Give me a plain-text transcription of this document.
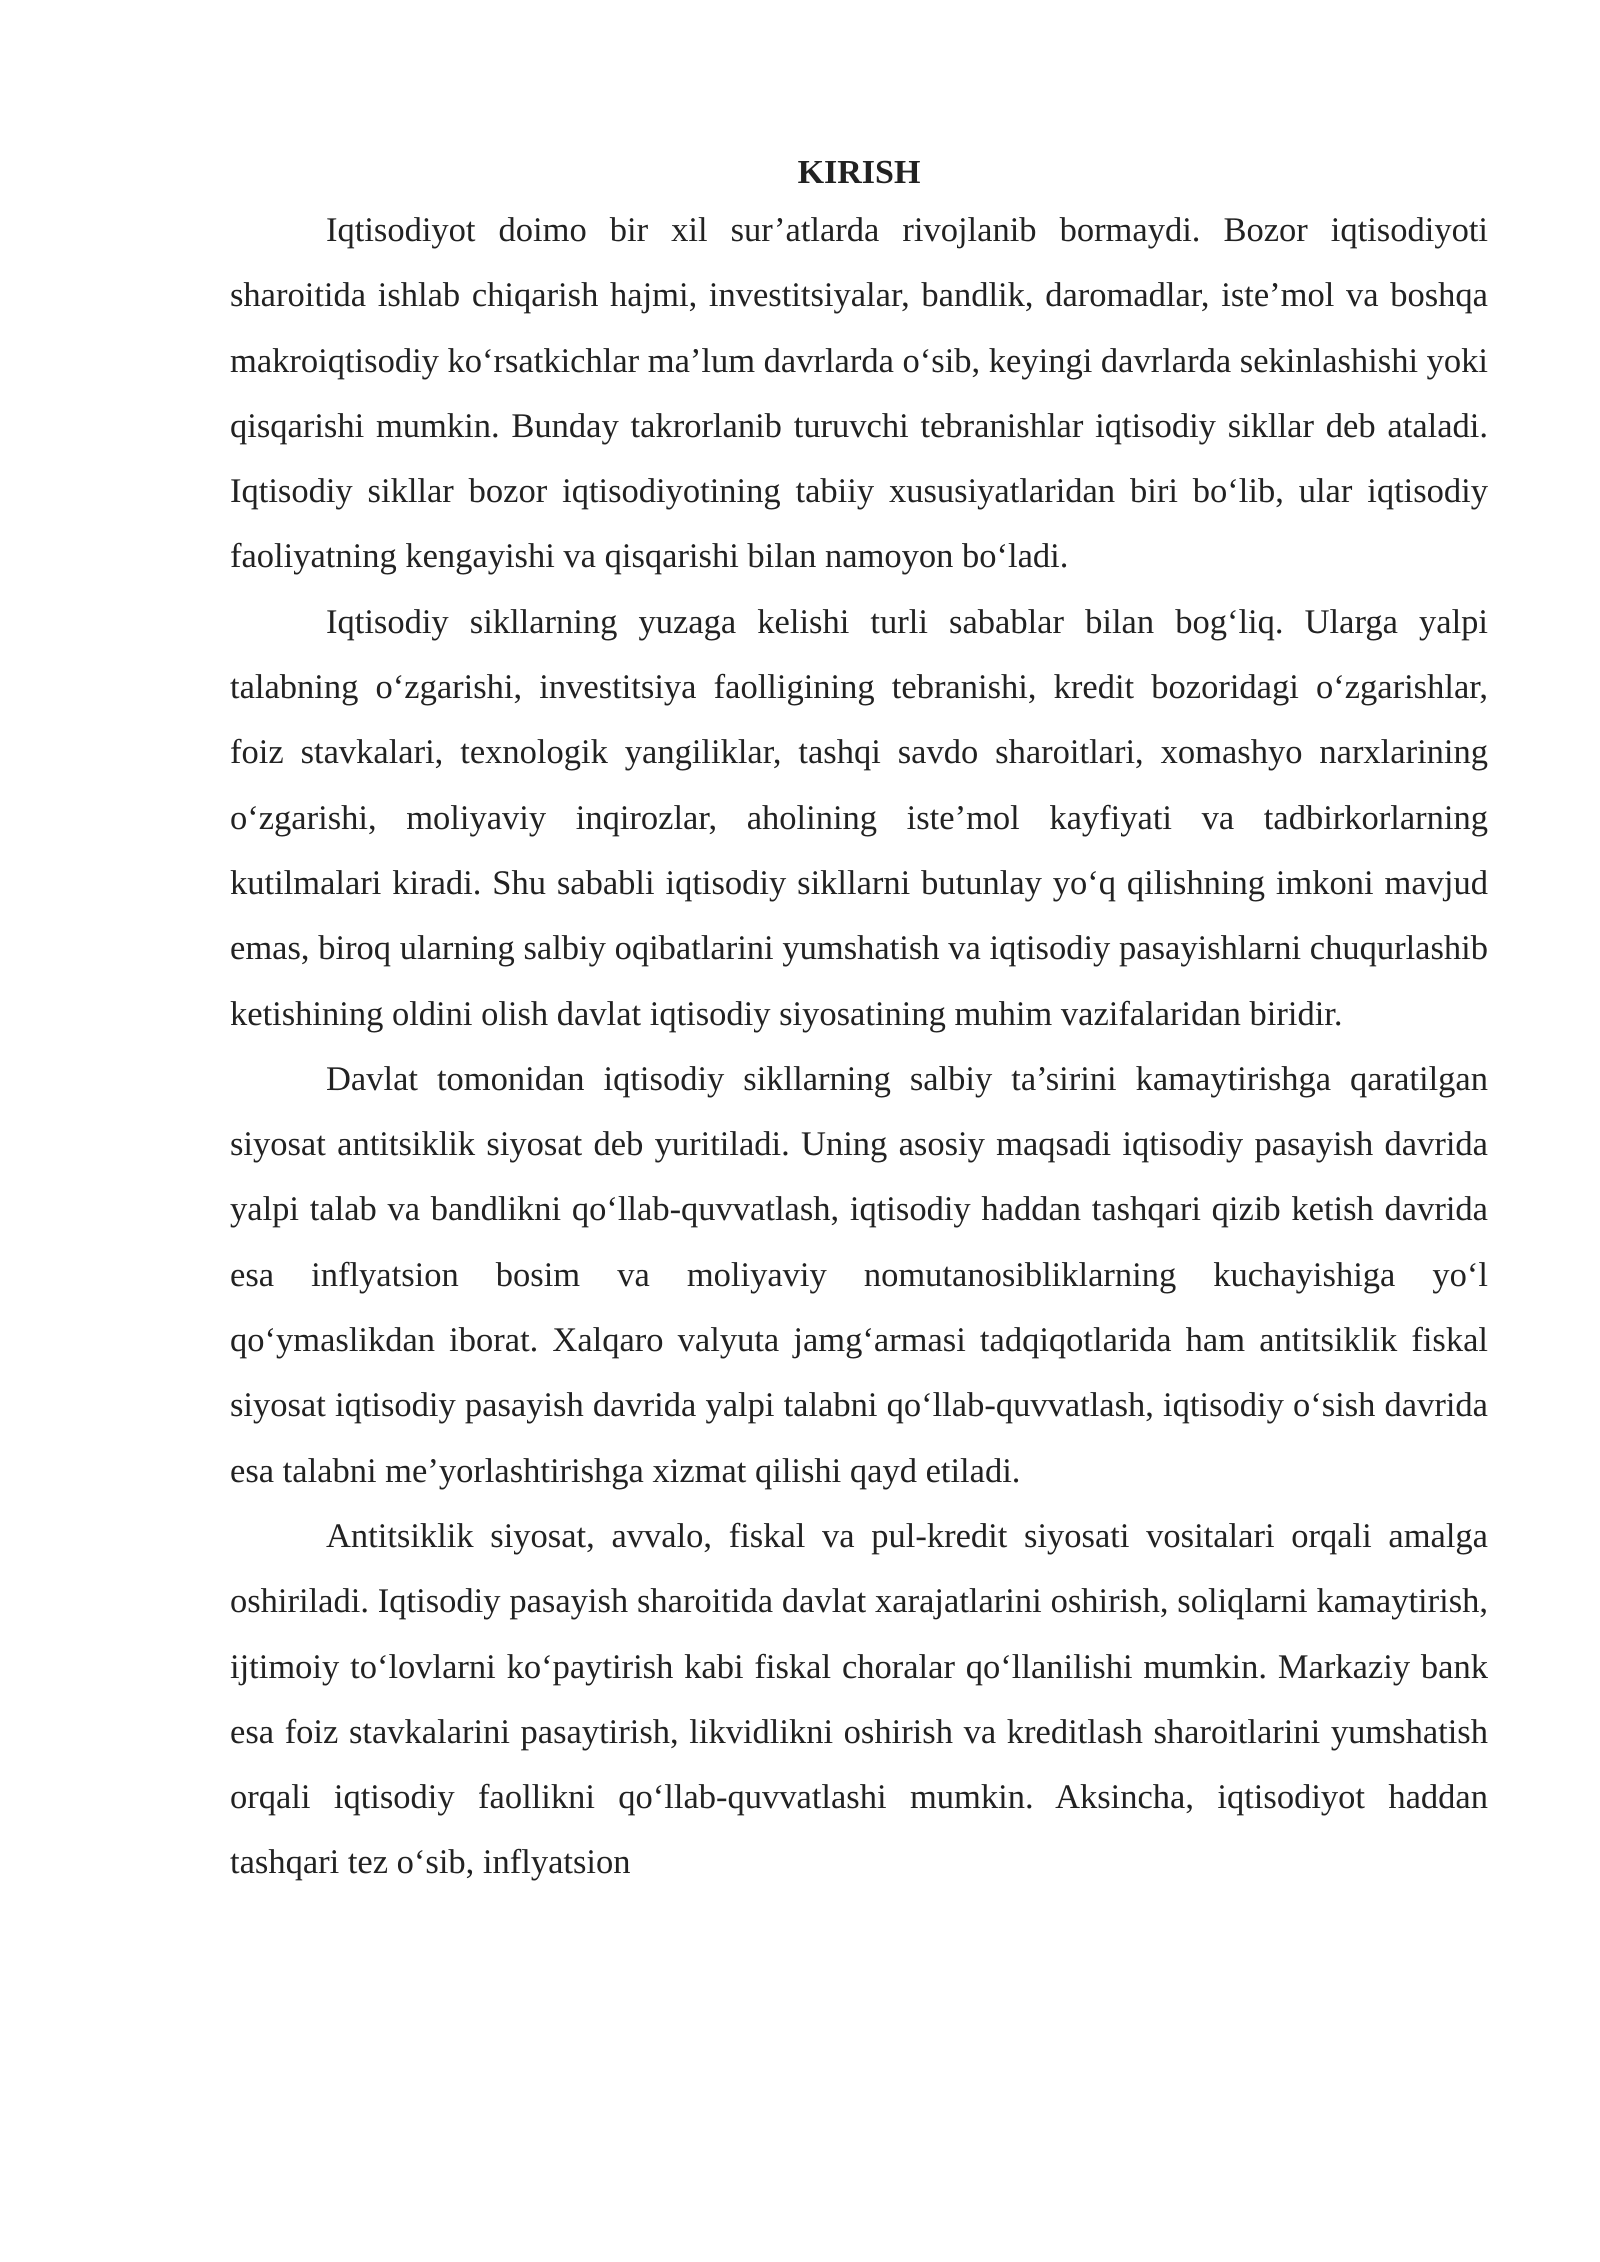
KIRISH

Iqtisodiyot doimo bir xil sur’atlarda rivojlanib bormaydi. Bozor iqtisodiyoti sharoitida ishlab chiqarish hajmi, investitsiyalar, bandlik, daromadlar, iste’mol va boshqa makroiqtisodiy ko‘rsatkichlar ma’lum davrlarda o‘sib, keyingi davrlarda sekinlashishi yoki qisqarishi mumkin. Bunday takrorlanib turuvchi tebranishlar iqtisodiy sikllar deb ataladi. Iqtisodiy sikllar bozor iqtisodiyotining tabiiy xususiyatlaridan biri bo‘lib, ular iqtisodiy faoliyatning kengayishi va qisqarishi bilan namoyon bo‘ladi.

Iqtisodiy sikllarning yuzaga kelishi turli sabablar bilan bog‘liq. Ularga yalpi talabning o‘zgarishi, investitsiya faolligining tebranishi, kredit bozoridagi o‘zgarishlar, foiz stavkalari, texnologik yangiliklar, tashqi savdo sharoitlari, xomashyo narxlarining o‘zgarishi, moliyaviy inqirozlar, aholining iste’mol kayfiyati va tadbirkorlarning kutilmalari kiradi. Shu sababli iqtisodiy sikllarni butunlay yo‘q qilishning imkoni mavjud emas, biroq ularning salbiy oqibatlarini yumshatish va iqtisodiy pasayishlarni chuqurlashib ketishining oldini olish davlat iqtisodiy siyosatining muhim vazifalaridan biridir.

Davlat tomonidan iqtisodiy sikllarning salbiy ta’sirini kamaytirishga qaratilgan siyosat antitsiklik siyosat deb yuritiladi. Uning asosiy maqsadi iqtisodiy pasayish davrida yalpi talab va bandlikni qo‘llab-quvvatlash, iqtisodiy haddan tashqari qizib ketish davrida esa inflyatsion bosim va moliyaviy nomutanosibliklarning kuchayishiga yo‘l qo‘ymaslikdan iborat. Xalqaro valyuta jamg‘armasi tadqiqotlarida ham antitsiklik fiskal siyosat iqtisodiy pasayish davrida yalpi talabni qo‘llab-quvvatlash, iqtisodiy o‘sish davrida esa talabni me’yorlashtirishga xizmat qilishi qayd etiladi.

Antitsiklik siyosat, avvalo, fiskal va pul-kredit siyosati vositalari orqali amalga oshiriladi. Iqtisodiy pasayish sharoitida davlat xarajatlarini oshirish, soliqlarni kamaytirish, ijtimoiy to‘lovlarni ko‘paytirish kabi fiskal choralar qo‘llanilishi mumkin. Markaziy bank esa foiz stavkalarini pasaytirish, likvidlikni oshirish va kreditlash sharoitlarini yumshatish orqali iqtisodiy faollikni qo‘llab-quvvatlashi mumkin. Aksincha, iqtisodiyot haddan tashqari tez o‘sib, inflyatsion
